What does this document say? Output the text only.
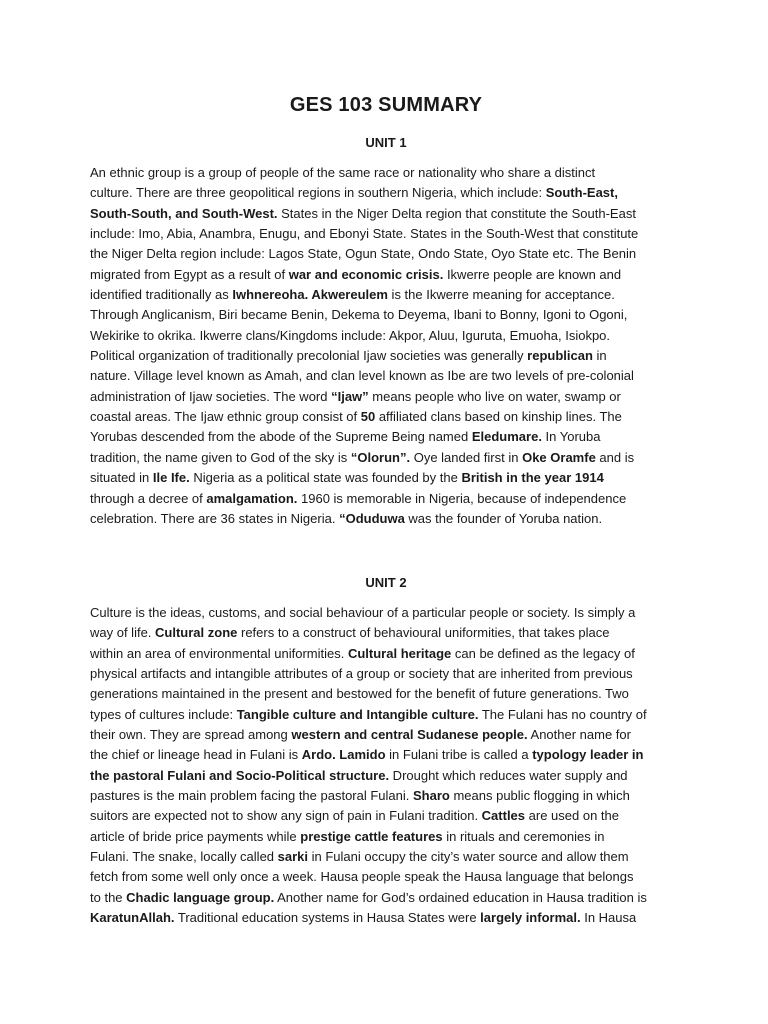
GES 103 SUMMARY
UNIT 1
An ethnic group is a group of people of the same race or nationality who share a distinct
culture. There are three geopolitical regions in southern Nigeria, which include: South-East,
South-South, and South-West. States in the Niger Delta region that constitute the South-East
include: Imo, Abia, Anambra, Enugu, and Ebonyi State. States in the South-West that constitute
the Niger Delta region include: Lagos State, Ogun State, Ondo State, Oyo State etc. The Benin
migrated from Egypt as a result of war and economic crisis. Ikwerre people are known and
identified traditionally as Iwhnereoha. Akwereulem is the Ikwerre meaning for acceptance.
Through Anglicanism, Biri became Benin, Dekema to Deyema, Ibani to Bonny, Igoni to Ogoni,
Wekirike to okrika. Ikwerre clans/Kingdoms include: Akpor, Aluu, Iguruta, Emuoha, Isiokpo.
Political organization of traditionally precolonial Ijaw societies was generally republican in
nature. Village level known as Amah, and clan level known as Ibe are two levels of pre-colonial
administration of Ijaw societies. The word “Ijaw” means people who live on water, swamp or
coastal areas. The Ijaw ethnic group consist of 50 affiliated clans based on kinship lines. The
Yorubas descended from the abode of the Supreme Being named Eledumare. In Yoruba
tradition, the name given to God of the sky is “Olorun”. Oye landed first in Oke Oramfe and is
situated in Ile Ife. Nigeria as a political state was founded by the British in the year 1914
through a decree of amalgamation. 1960 is memorable in Nigeria, because of independence
celebration. There are 36 states in Nigeria. “Oduduwa was the founder of Yoruba nation.
UNIT 2
Culture is the ideas, customs, and social behaviour of a particular people or society. Is simply a
way of life. Cultural zone refers to a construct of behavioural uniformities, that takes place
within an area of environmental uniformities. Cultural heritage can be defined as the legacy of
physical artifacts and intangible attributes of a group or society that are inherited from previous
generations maintained in the present and bestowed for the benefit of future generations. Two
types of cultures include: Tangible culture and Intangible culture. The Fulani has no country of
their own. They are spread among western and central Sudanese people. Another name for
the chief or lineage head in Fulani is Ardo. Lamido in Fulani tribe is called a typology leader in
the pastoral Fulani and Socio-Political structure. Drought which reduces water supply and
pastures is the main problem facing the pastoral Fulani. Sharo means public flogging in which
suitors are expected not to show any sign of pain in Fulani tradition. Cattles are used on the
article of bride price payments while prestige cattle features in rituals and ceremonies in
Fulani. The snake, locally called sarki in Fulani occupy the city’s water source and allow them
fetch from some well only once a week. Hausa people speak the Hausa language that belongs
to the Chadic language group. Another name for God’s ordained education in Hausa tradition is
KaratunAllah. Traditional education systems in Hausa States were largely informal. In Hausa
